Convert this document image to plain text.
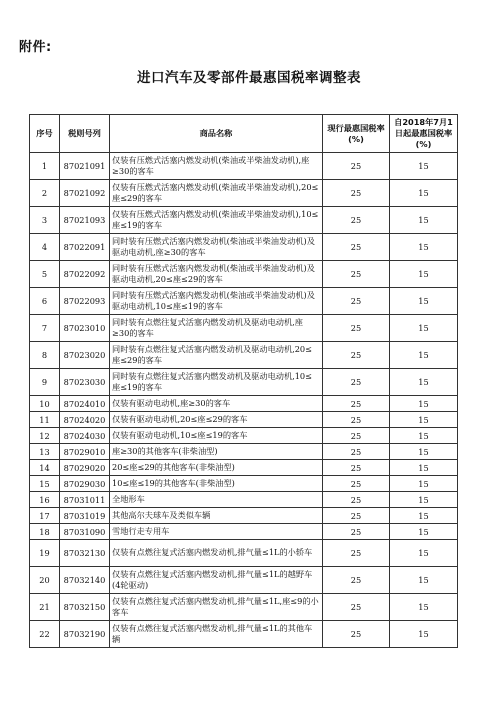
附件:
进口汽车及零部件最惠国税率调整表
序号	税则号列	商品名称	现行最惠国税率(%)	自2018年7月1日起最惠国税率(%)
1	87021091	仅装有压燃式活塞内燃发动机(柴油或半柴油发动机),座≥30的客车	25	15
2	87021092	仅装有压燃式活塞内燃发动机(柴油或半柴油发动机),20≤座≤29的客车	25	15
3	87021093	仅装有压燃式活塞内燃发动机(柴油或半柴油发动机),10≤座≤19的客车	25	15
4	87022091	同时装有压燃式活塞内燃发动机(柴油或半柴油发动机)及驱动电动机,座≥30的客车	25	15
5	87022092	同时装有压燃式活塞内燃发动机(柴油或半柴油发动机)及驱动电动机,20≤座≤29的客车	25	15
6	87022093	同时装有压燃式活塞内燃发动机(柴油或半柴油发动机)及驱动电动机,10≤座≤19的客车	25	15
7	87023010	同时装有点燃往复式活塞内燃发动机及驱动电动机,座≥30的客车	25	15
8	87023020	同时装有点燃往复式活塞内燃发动机及驱动电动机,20≤座≤29的客车	25	15
9	87023030	同时装有点燃往复式活塞内燃发动机及驱动电动机,10≤座≤19的客车	25	15
10	87024010	仅装有驱动电动机,座≥30的客车	25	15
11	87024020	仅装有驱动电动机,20≤座≤29的客车	25	15
12	87024030	仅装有驱动电动机,10≤座≤19的客车	25	15
13	87029010	座≥30的其他客车(非柴油型)	25	15
14	87029020	20≤座≤29的其他客车(非柴油型)	25	15
15	87029030	10≤座≤19的其他客车(非柴油型)	25	15
16	87031011	全地形车	25	15
17	87031019	其他高尔夫球车及类似车辆	25	15
18	87031090	雪地行走专用车	25	15
19	87032130	仅装有点燃往复式活塞内燃发动机,排气量≤1L的小轿车	25	15
20	87032140	仅装有点燃往复式活塞内燃发动机,排气量≤1L的越野车(4轮驱动)	25	15
21	87032150	仅装有点燃往复式活塞内燃发动机,排气量≤1L,座≤9的小客车	25	15
22	87032190	仅装有点燃往复式活塞内燃发动机,排气量≤1L的其他车辆	25	15
